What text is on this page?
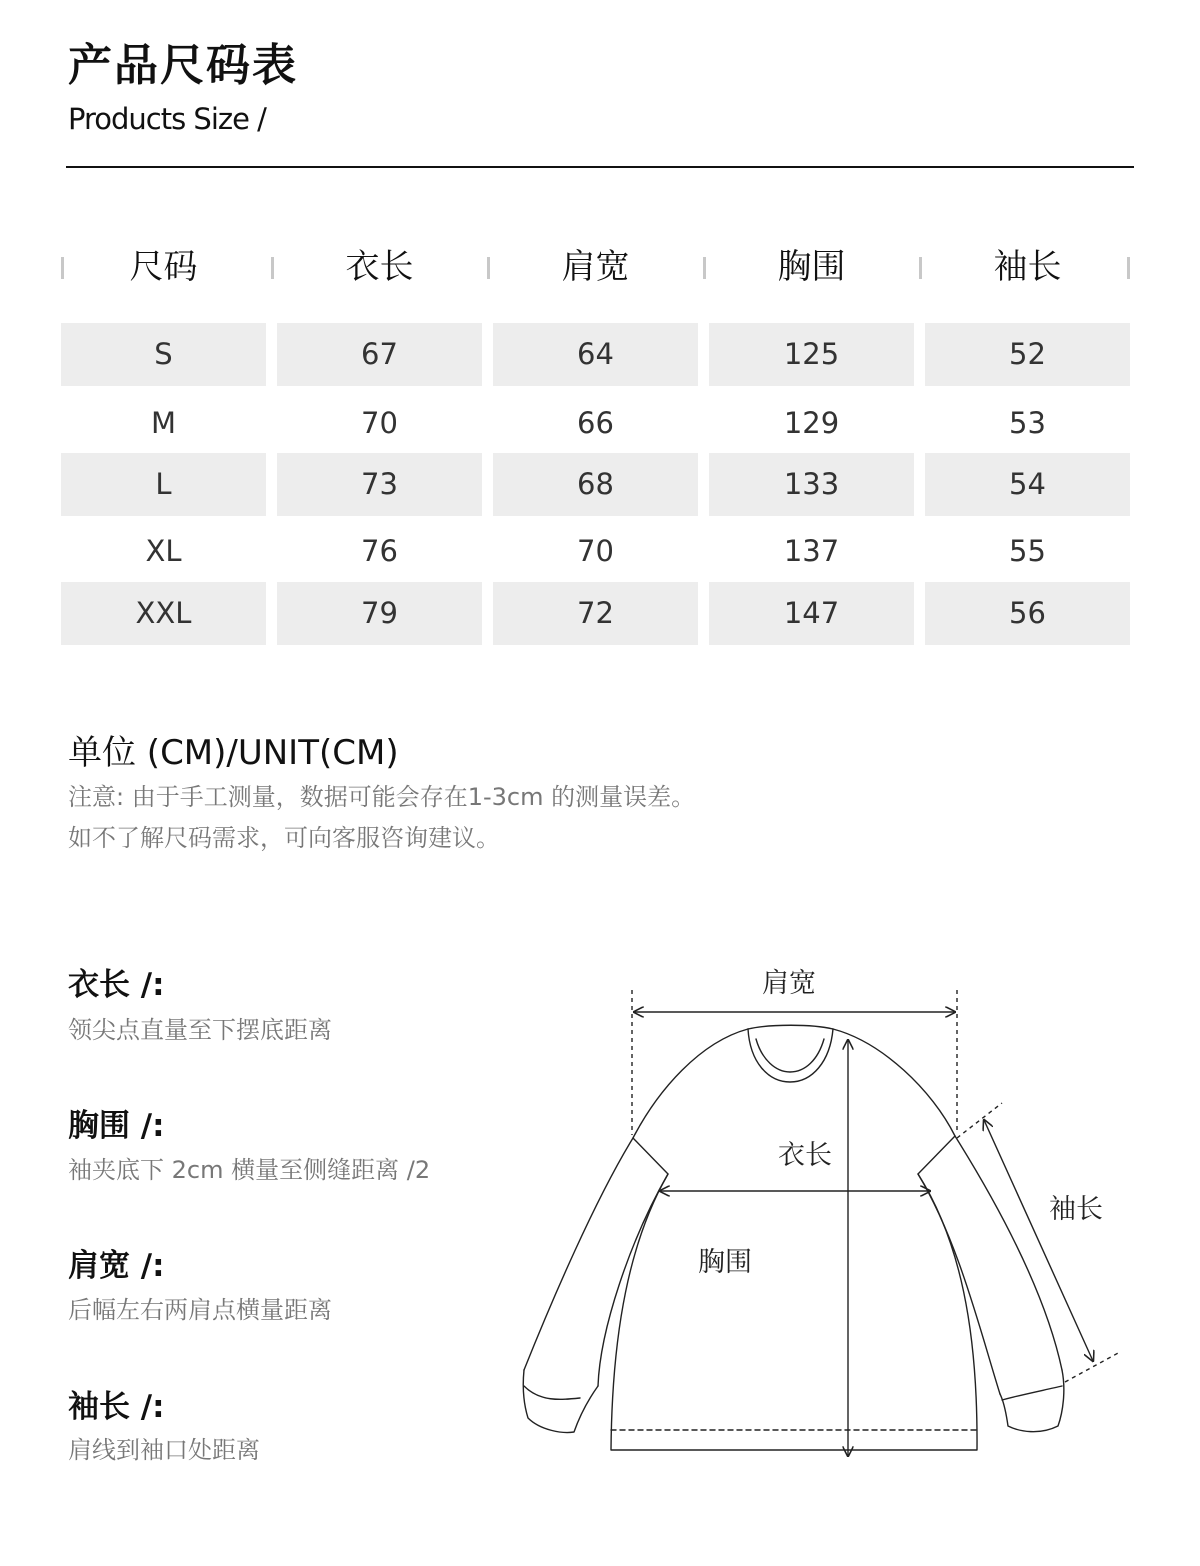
产品尺码表
Products Size /
尺码	衣长	肩宽	胸围	袖长
S	67	64	125	52
M	70	66	129	53
L	73	68	133	54
XL	76	70	137	55
XXL	79	72	147	56
单位 (CM)/UNIT(CM)
注意: 由于手工测量，数据可能会存在1-3cm 的测量误差。
如不了解尺码需求，可向客服咨询建议。
衣长 /:
领尖点直量至下摆底距离
胸围 /:
袖夹底下 2cm 横量至侧缝距离 /2
肩宽 /:
后幅左右两肩点横量距离
袖长 /:
肩线到袖口处距离
肩宽
衣长
胸围
袖长
